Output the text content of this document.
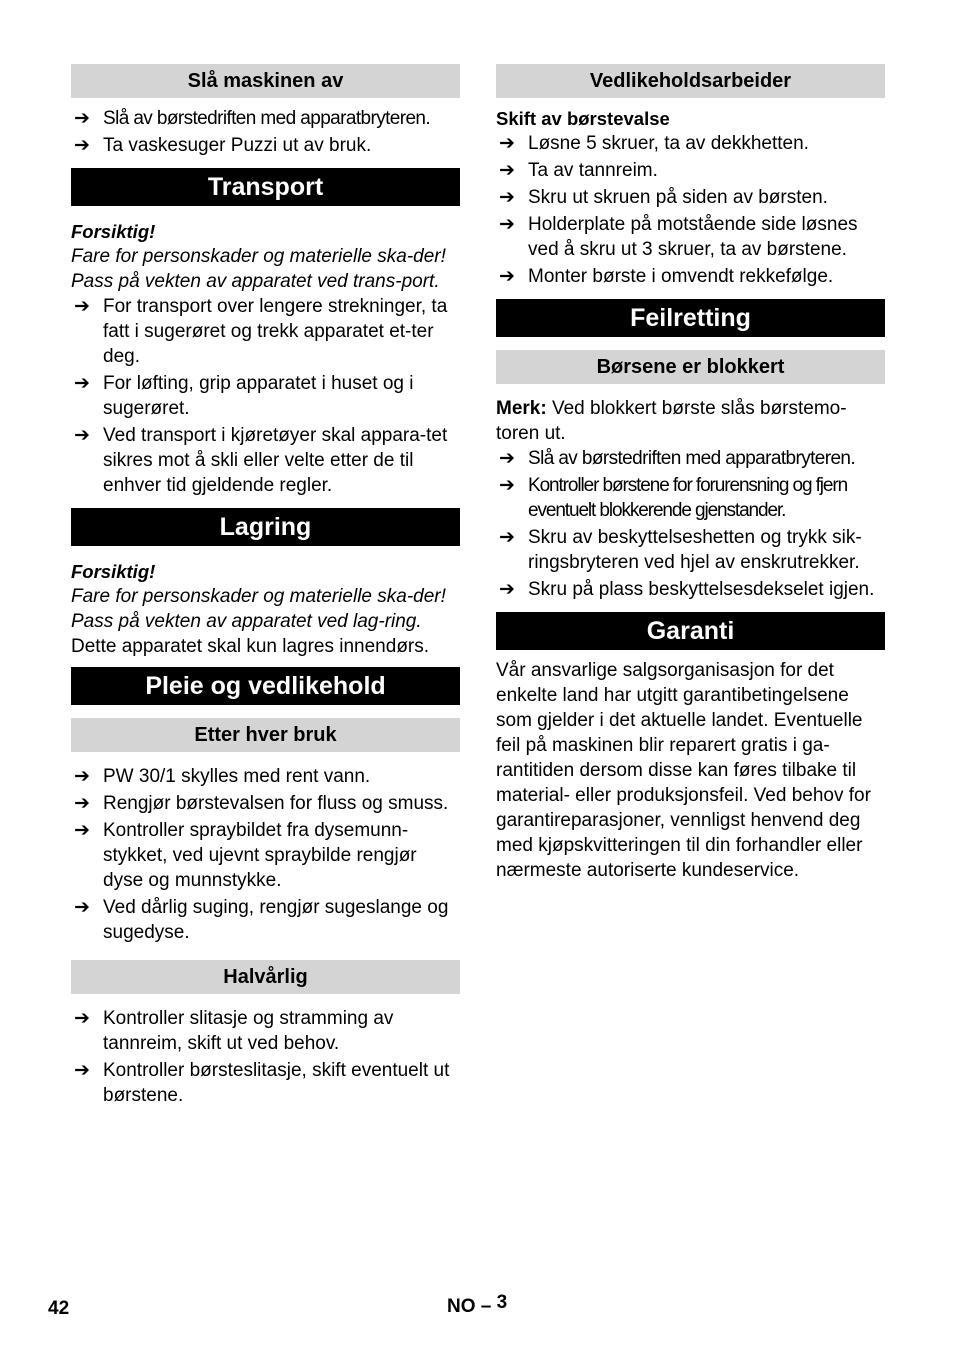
Slå maskinen av
➔ Slå av børstedriften med apparatbryteren.
➔ Ta vaskesuger Puzzi ut av bruk.
Transport
Forsiktig!
Fare for personskader og materielle ska-der! Pass på vekten av apparatet ved trans-port.
➔ For transport over lengere strekninger, ta fatt i sugerøret og trekk apparatet et-ter deg.
➔ For løfting, grip apparatet i huset og i sugerøret.
➔ Ved transport i kjøretøyer skal appara-tet sikres mot å skli eller velte etter de til enhver tid gjeldende regler.
Lagring
Forsiktig!
Fare for personskader og materielle ska-der! Pass på vekten av apparatet ved lag-ring.
Dette apparatet skal kun lagres innendørs.
Pleie og vedlikehold
Etter hver bruk
➔ PW 30/1 skylles med rent vann.
➔ Rengjør børstevalsen for fluss og smuss.
➔ Kontroller spraybildet fra dysemunn-stykket, ved ujevnt spraybilde rengjør dyse og munnstykke.
➔ Ved dårlig suging, rengjør sugeslange og sugedyse.
Halvårlig
➔ Kontroller slitasje og stramming av tannreim, skift ut ved behov.
➔ Kontroller børsteslitasje, skift eventuelt ut børstene.
Vedlikeholdsarbeider
Skift av børstevalse
➔ Løsne 5 skruer, ta av dekkhetten.
➔ Ta av tannreim.
➔ Skru ut skruen på siden av børsten.
➔ Holderplate på motstående side løsnes ved å skru ut 3 skruer, ta av børstene.
➔ Monter børste i omvendt rekkefølge.
Feilretting
Børsene er blokkert
Merk: Ved blokkert børste slås børstemo-toren ut.
➔ Slå av børstedriften med apparatbryteren.
➔ Kontroller børstene for forurensning og fjern eventuelt blokkerende gjenstander.
➔ Skru av beskyttelseshetten og trykk sik-ringsbryteren ved hjel av enskrutrekker.
➔ Skru på plass beskyttelsesdekselet igjen.
Garanti
Vår ansvarlige salgsorganisasjon for det enkelte land har utgitt garantibetingelsene som gjelder i det aktuelle landet. Eventuelle feil på maskinen blir reparert gratis i ga-rantitiden dersom disse kan føres tilbake til material- eller produksjonsfeil. Ved behov for garantireparasjoner, vennligst henvend deg med kjøpskvitteringen til din forhandler eller nærmeste autoriserte kundeservice.
42	NO – 3
